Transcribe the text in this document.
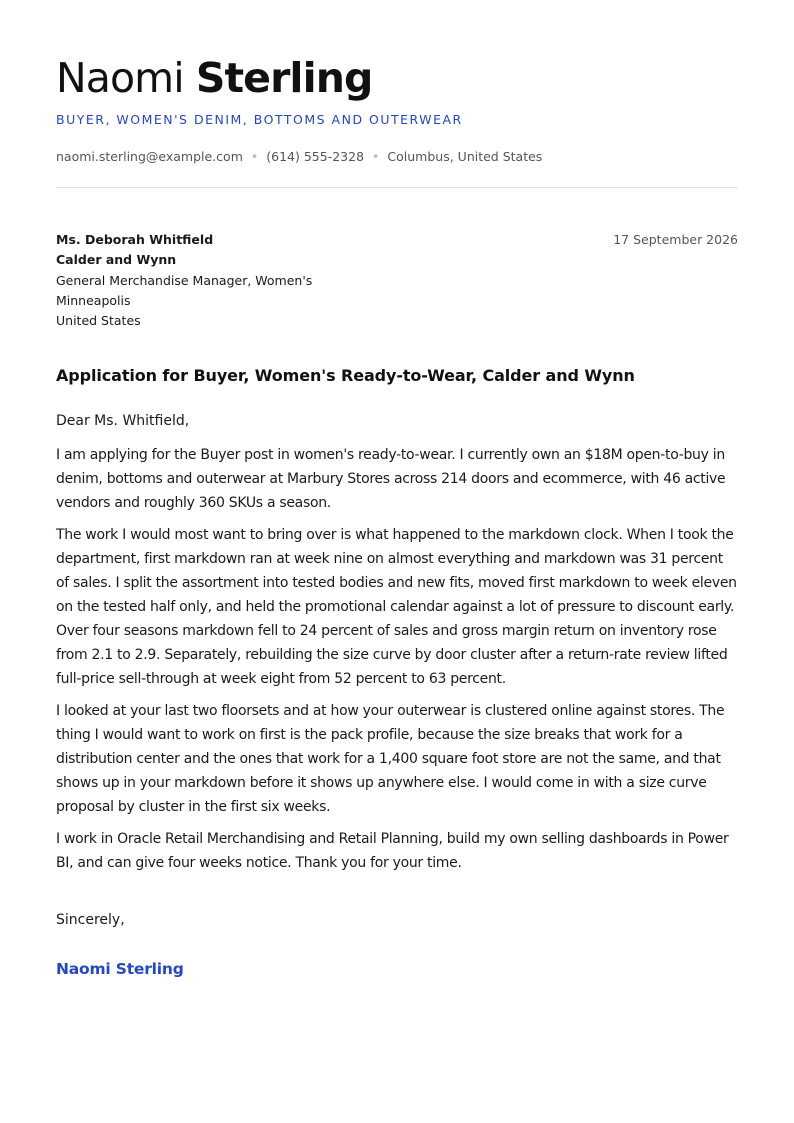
Naomi Sterling
BUYER, WOMEN'S DENIM, BOTTOMS AND OUTERWEAR
naomi.sterling@example.com • (614) 555-2328 • Columbus, United States
Ms. Deborah Whitfield
Calder and Wynn
General Merchandise Manager, Women's
Minneapolis
United States
17 September 2026
Application for Buyer, Women's Ready-to-Wear, Calder and Wynn
Dear Ms. Whitfield,

I am applying for the Buyer post in women's ready-to-wear. I currently own an $18M open-to-buy in denim, bottoms and outerwear at Marbury Stores across 214 doors and ecommerce, with 46 active vendors and roughly 360 SKUs a season.

The work I would most want to bring over is what happened to the markdown clock. When I took the department, first markdown ran at week nine on almost everything and markdown was 31 percent of sales. I split the assortment into tested bodies and new fits, moved first markdown to week eleven on the tested half only, and held the promotional calendar against a lot of pressure to discount early. Over four seasons markdown fell to 24 percent of sales and gross margin return on inventory rose from 2.1 to 2.9. Separately, rebuilding the size curve by door cluster after a return-rate review lifted full-price sell-through at week eight from 52 percent to 63 percent.

I looked at your last two floorsets and at how your outerwear is clustered online against stores. The thing I would want to work on first is the pack profile, because the size breaks that work for a distribution center and the ones that work for a 1,400 square foot store are not the same, and that shows up in your markdown before it shows up anywhere else. I would come in with a size curve proposal by cluster in the first six weeks.

I work in Oracle Retail Merchandising and Retail Planning, build my own selling dashboards in Power BI, and can give four weeks notice. Thank you for your time.

Sincerely,
Naomi Sterling
